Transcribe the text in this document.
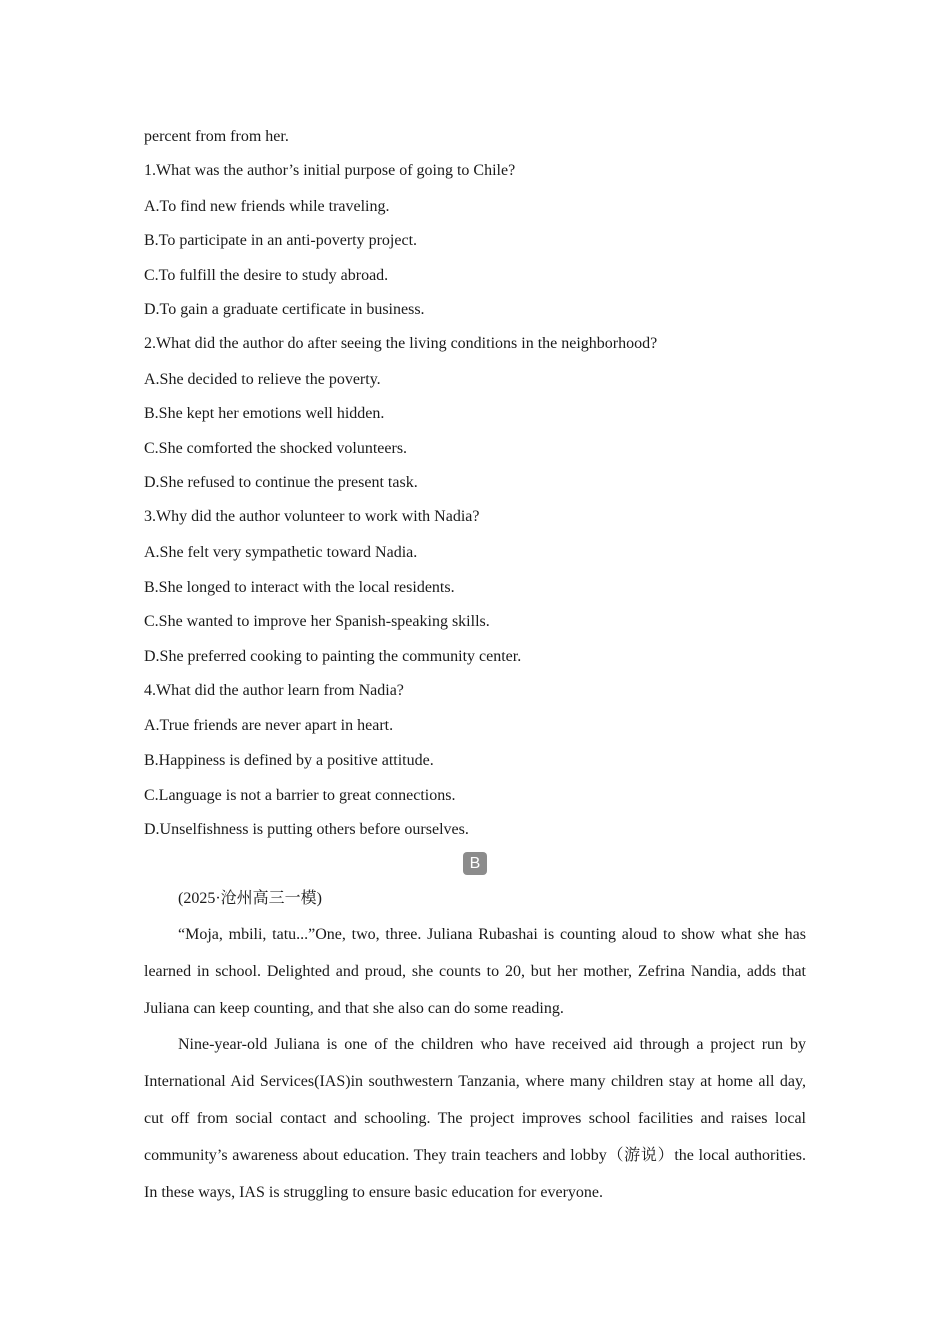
percent from from her.
1.What was the author’s initial purpose of going to Chile?
A.To find new friends while traveling.
B.To participate in an anti-poverty project.
C.To fulfill the desire to study abroad.
D.To gain a graduate certificate in business.
2.What did the author do after seeing the living conditions in the neighborhood?
A.She decided to relieve the poverty.
B.She kept her emotions well hidden.
C.She comforted the shocked volunteers.
D.She refused to continue the present task.
3.Why did the author volunteer to work with Nadia?
A.She felt very sympathetic toward Nadia.
B.She longed to interact with the local residents.
C.She wanted to improve her Spanish-speaking skills.
D.She preferred cooking to painting the community center.
4.What did the author learn from Nadia?
A.True friends are never apart in heart.
B.Happiness is defined by a positive attitude.
C.Language is not a barrier to great connections.
D.Unselfishness is putting others before ourselves.
B
(2025·沧州高三一模)
“Moja, mbili, tatu...”One, two, three. Juliana Rubashai is counting aloud to show what she has learned in school. Delighted and proud, she counts to 20, but her mother, Zefrina Nandia, adds that Juliana can keep counting, and that she also can do some reading.
Nine-year-old Juliana is one of the children who have received aid through a project run by International Aid Services(IAS)in southwestern Tanzania, where many children stay at home all day, cut off from social contact and schooling. The project improves school facilities and raises local community’s awareness about education. They train teachers and lobby（游说）the local authorities. In these ways, IAS is struggling to ensure basic education for everyone.
